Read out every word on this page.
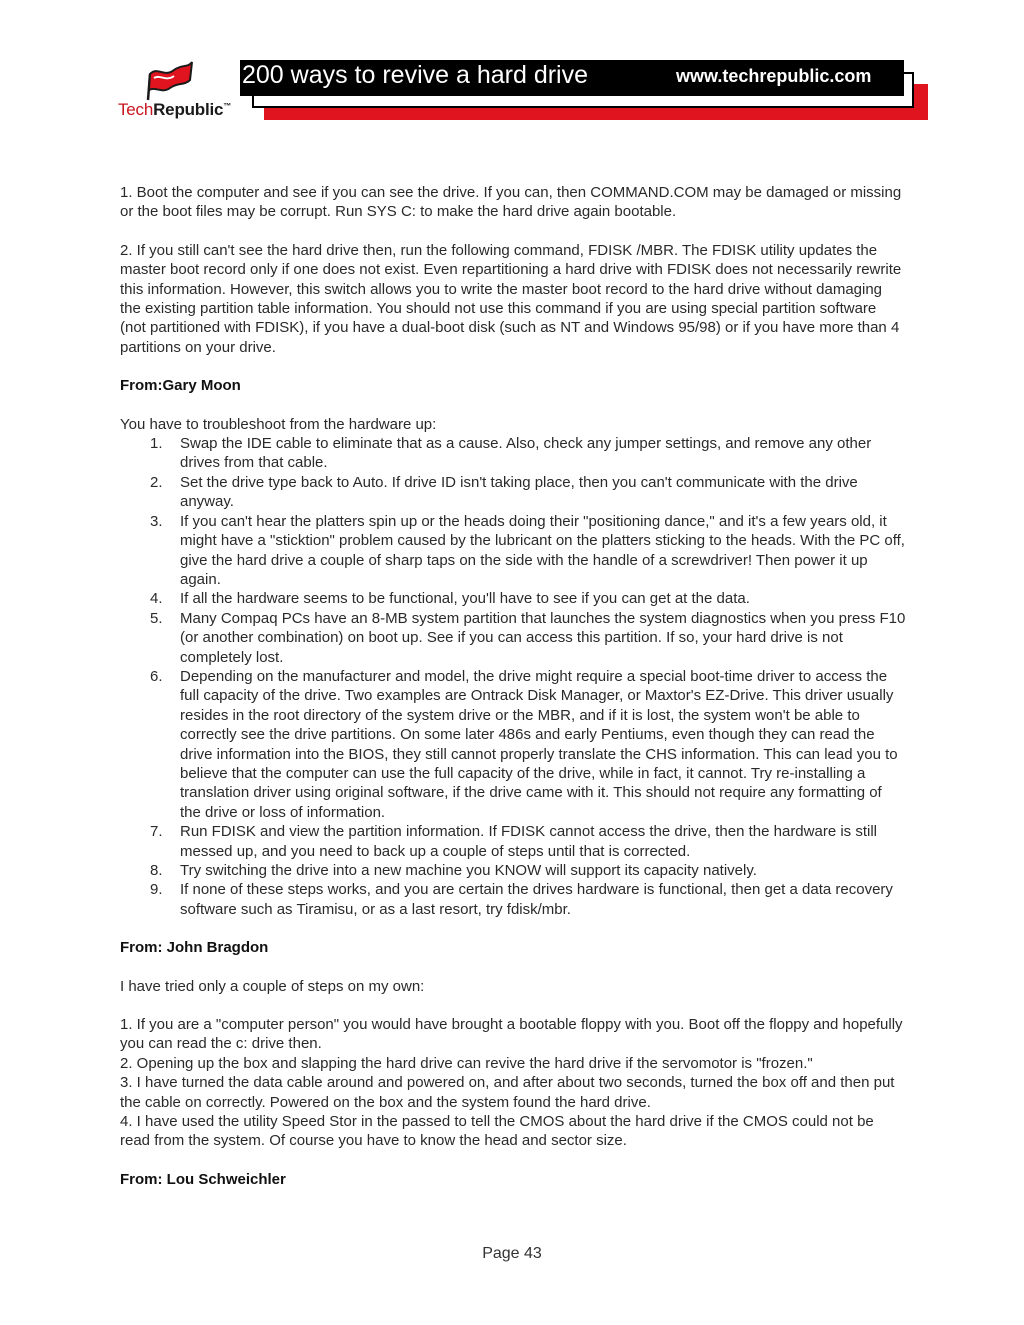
TechRepublic™
200 ways to revive a hard drive	www.techrepublic.com

1. Boot the computer and see if you can see the drive. If you can, then COMMAND.COM may be damaged or missing or the boot files may be corrupt. Run SYS C: to make the hard drive again bootable.

2. If you still can't see the hard drive then, run the following command, FDISK /MBR. The FDISK utility updates the master boot record only if one does not exist. Even repartitioning a hard drive with FDISK does not necessarily rewrite this information. However, this switch allows you to write the master boot record to the hard drive without damaging the existing partition table information. You should not use this command if you are using special partition software (not partitioned with FDISK), if you have a dual-boot disk (such as NT and Windows 95/98) or if you have more than 4 partitions on your drive.

From:Gary Moon

You have to troubleshoot from the hardware up:

1. Swap the IDE cable to eliminate that as a cause. Also, check any jumper settings, and remove any other drives from that cable.
2. Set the drive type back to Auto. If drive ID isn't taking place, then you can't communicate with the drive anyway.
3. If you can't hear the platters spin up or the heads doing their "positioning dance," and it's a few years old, it might have a "sticktion" problem caused by the lubricant on the platters sticking to the heads. With the PC off, give the hard drive a couple of sharp taps on the side with the handle of a screwdriver! Then power it up again.
4. If all the hardware seems to be functional, you'll have to see if you can get at the data.
5. Many Compaq PCs have an 8-MB system partition that launches the system diagnostics when you press F10 (or another combination) on boot up. See if you can access this partition. If so, your hard drive is not completely lost.
6. Depending on the manufacturer and model, the drive might require a special boot-time driver to access the full capacity of the drive. Two examples are Ontrack Disk Manager, or Maxtor's EZ-Drive. This driver usually resides in the root directory of the system drive or the MBR, and if it is lost, the system won't be able to correctly see the drive partitions. On some later 486s and early Pentiums, even though they can read the drive information into the BIOS, they still cannot properly translate the CHS information. This can lead you to believe that the computer can use the full capacity of the drive, while in fact, it cannot. Try re-installing a translation driver using original software, if the drive came with it. This should not require any formatting of the drive or loss of information.
7. Run FDISK and view the partition information. If FDISK cannot access the drive, then the hardware is still messed up, and you need to back up a couple of steps until that is corrected.
8. Try switching the drive into a new machine you KNOW will support its capacity natively.
9. If none of these steps works, and you are certain the drives hardware is functional, then get a data recovery software such as Tiramisu, or as a last resort, try fdisk/mbr.

From: John Bragdon

I have tried only a couple of steps on my own:

1. If you are a "computer person" you would have brought a bootable floppy with you. Boot off the floppy and hopefully you can read the c: drive then.

2. Opening up the box and slapping the hard drive can revive the hard drive if the servomotor is "frozen."

3. I have turned the data cable around and powered on, and after about two seconds, turned the box off and then put the cable on correctly. Powered on the box and the system found the hard drive.

4. I have used the utility Speed Stor in the passed to tell the CMOS about the hard drive if the CMOS could not be read from the system. Of course you have to know the head and sector size.

From: Lou Schweichler

Page 43
